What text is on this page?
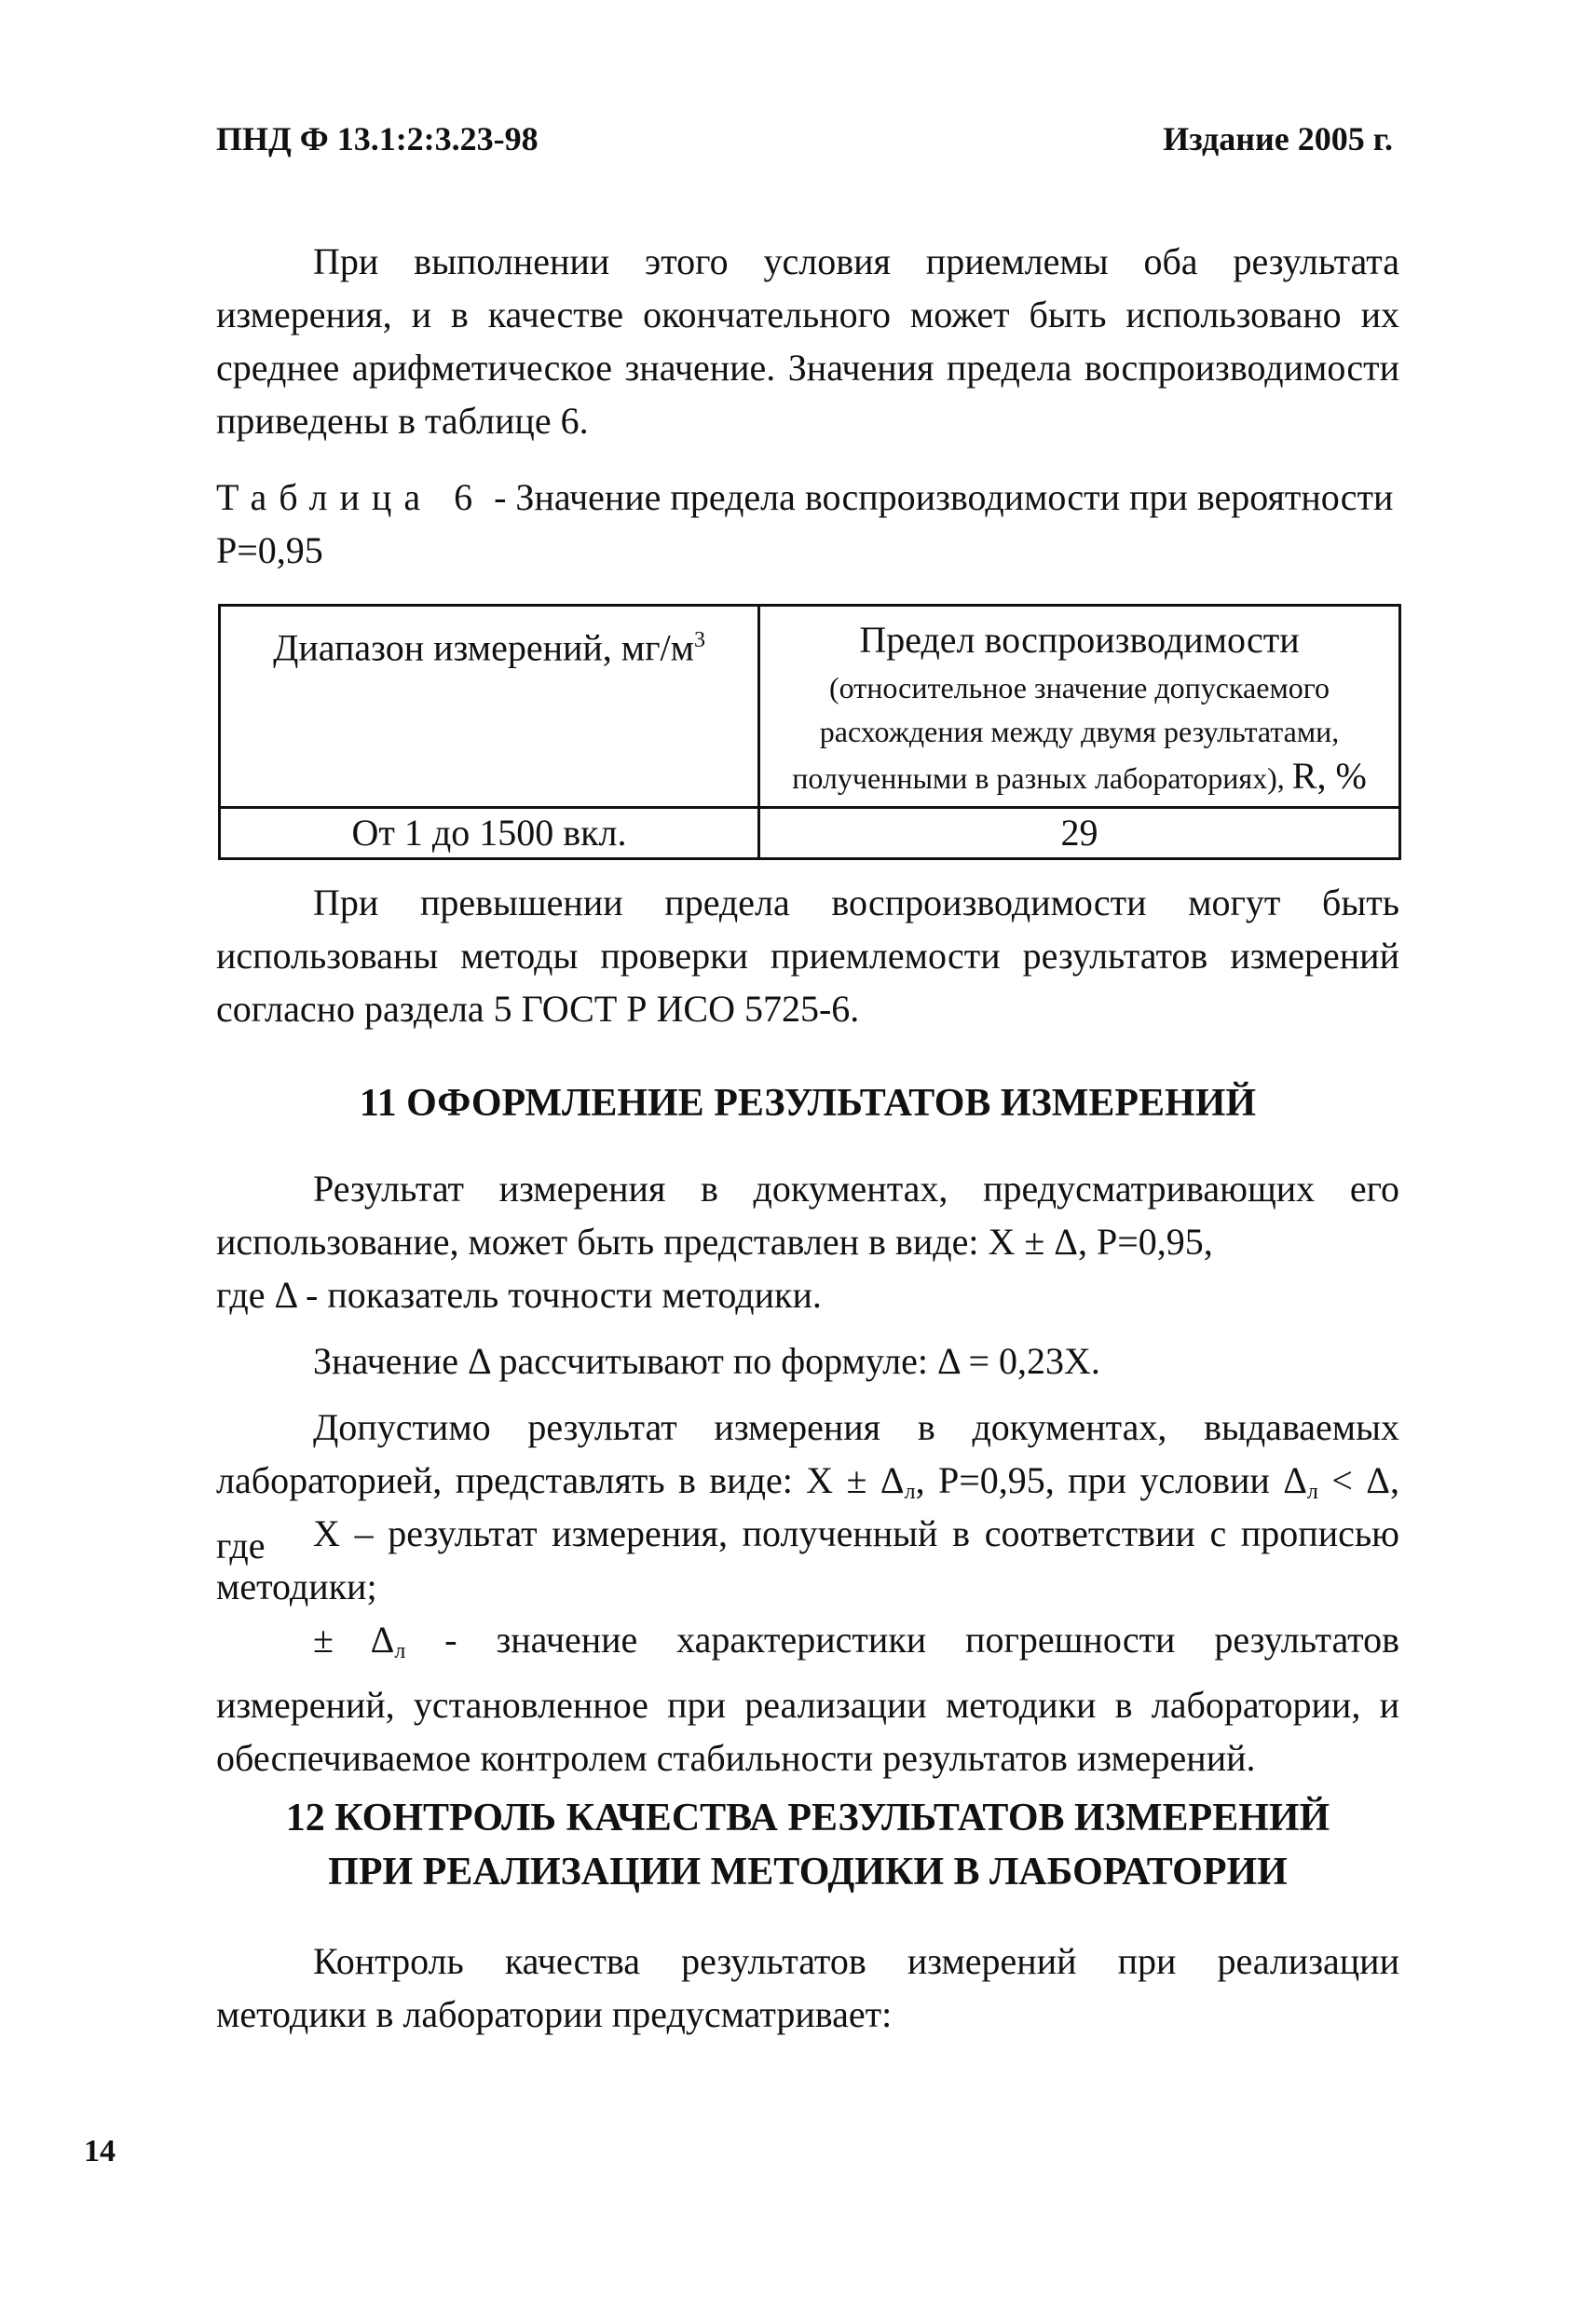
ПНД Ф 13.1:2:3.23-98	Издание 2005 г.

При выполнении этого условия приемлемы оба результата измерения, и в качестве окончательного может быть использовано их среднее арифметическое значение. Значения предела воспроизводимости приведены в таблице 6.

Таблица 6 - Значение предела воспроизводимости при вероятности P=0,95
Диапазон измерений, $мг/м^3$	Предел воспроизводимости
(относительное значение допускаемого расхождения между двумя результатами, полученными в разных лабораториях), R, %

От 1 до 1500 вкл.	29

При превышении предела воспроизводимости могут быть использованы методы проверки приемлемости результатов измерений согласно раздела 5 ГОСТ Р ИСО 5725-6.

11 ОФОРМЛЕНИЕ РЕЗУЛЬТАТОВ ИЗМЕРЕНИЙ

Результат измерения в документах, предусматривающих его использование, может быть представлен в виде: X ± Δ, P=0,95,

где Δ - показатель точности методики.

Значение Δ рассчитывают по формуле: Δ = 0,23X.

Допустимо результат измерения в документах, выдаваемых лабораторией, представлять в виде: $X \pm \Delta_л$, P=0,95, при условии $\Delta_л < \Delta$, где	X – результат измерения, полученный в соответствии с прописью методики;

± $\Delta_л$ - значение характеристики погрешности результатов измерений, установленное при реализации методики в лаборатории, и обеспечиваемое контролем стабильности результатов измерений.

12 КОНТРОЛЬ КАЧЕСТВА РЕЗУЛЬТАТОВ ИЗМЕРЕНИЙ
ПРИ РЕАЛИЗАЦИИ МЕТОДИКИ В ЛАБОРАТОРИИ

Контроль качества результатов измерений при реализации методики в лаборатории предусматривает:

14
